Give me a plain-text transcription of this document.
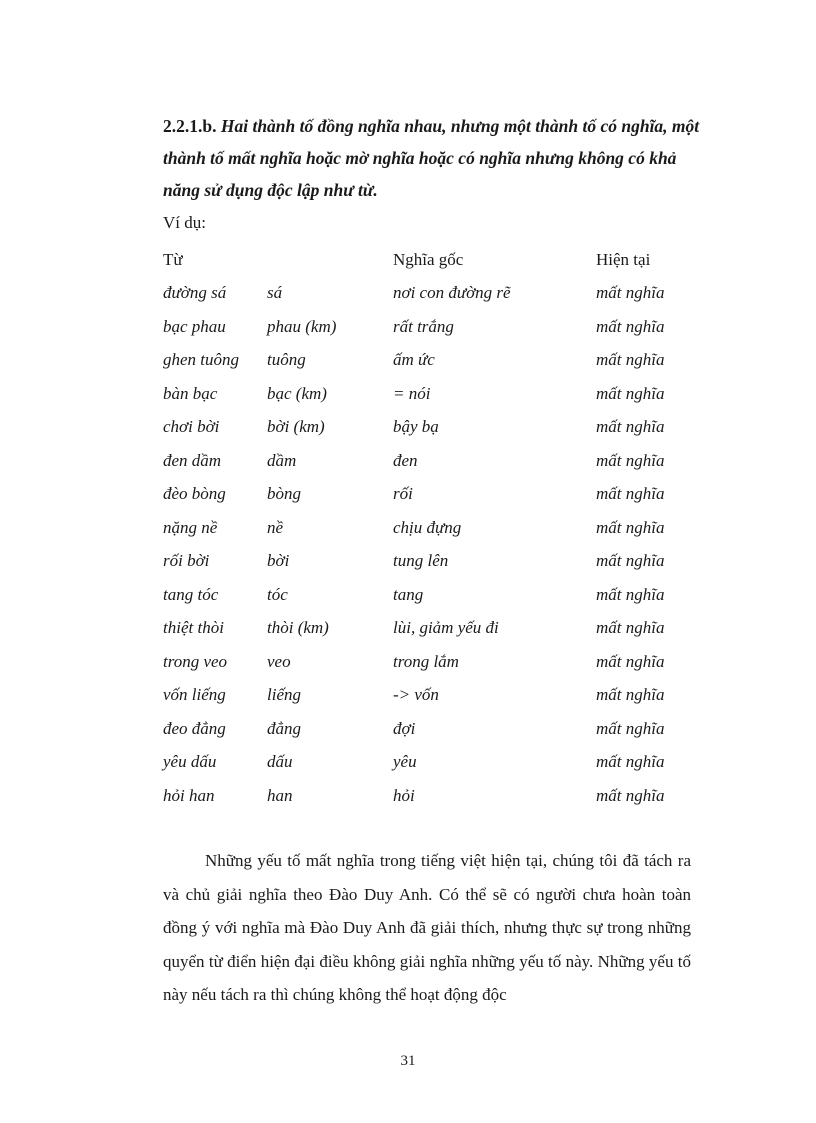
2.2.1.b. Hai thành tố đồng nghĩa nhau, nhưng một thành tố có nghĩa, một thành tố mất nghĩa hoặc mờ nghĩa hoặc có nghĩa nhưng không có khả năng sử dụng độc lập như từ.
Ví dụ:
Từ		Nghĩa gốc	Hiện tại
đường sá	sá	nơi con đường rẽ	mất nghĩa
bạc phau	phau (km)	rất trắng	mất nghĩa
ghen tuông	tuông	ấm ức	mất nghĩa
bàn bạc	bạc (km)	= nói	mất nghĩa
chơi bời	bời (km)	bậy bạ	mất nghĩa
đen dầm	dầm	đen	mất nghĩa
đèo bòng	bòng	rối	mất nghĩa
nặng nề	nề	chịu đựng	mất nghĩa
rối bời	bời	tung lên	mất nghĩa
tang tóc	tóc	tang	mất nghĩa
thiệt thòi	thòi (km)	lùi, giảm yếu đi	mất nghĩa
trong veo	veo	trong lắm	mất nghĩa
vốn liếng	liếng	-> vốn	mất nghĩa
đeo đẳng	đẳng	đợi	mất nghĩa
yêu dấu	dấu	yêu	mất nghĩa
hỏi han	han	hỏi	mất nghĩa

Những yếu tố mất nghĩa trong tiếng việt hiện tại, chúng tôi đã tách ra và chủ giải nghĩa theo Đào Duy Anh. Có thể sẽ có người chưa hoàn toàn đồng ý với nghĩa mà Đào Duy Anh đã giải thích, nhưng thực sự trong những quyển từ điển hiện đại điều không giải nghĩa những yếu tố này. Những yếu tố này nếu tách ra thì chúng không thể hoạt động độc

31
